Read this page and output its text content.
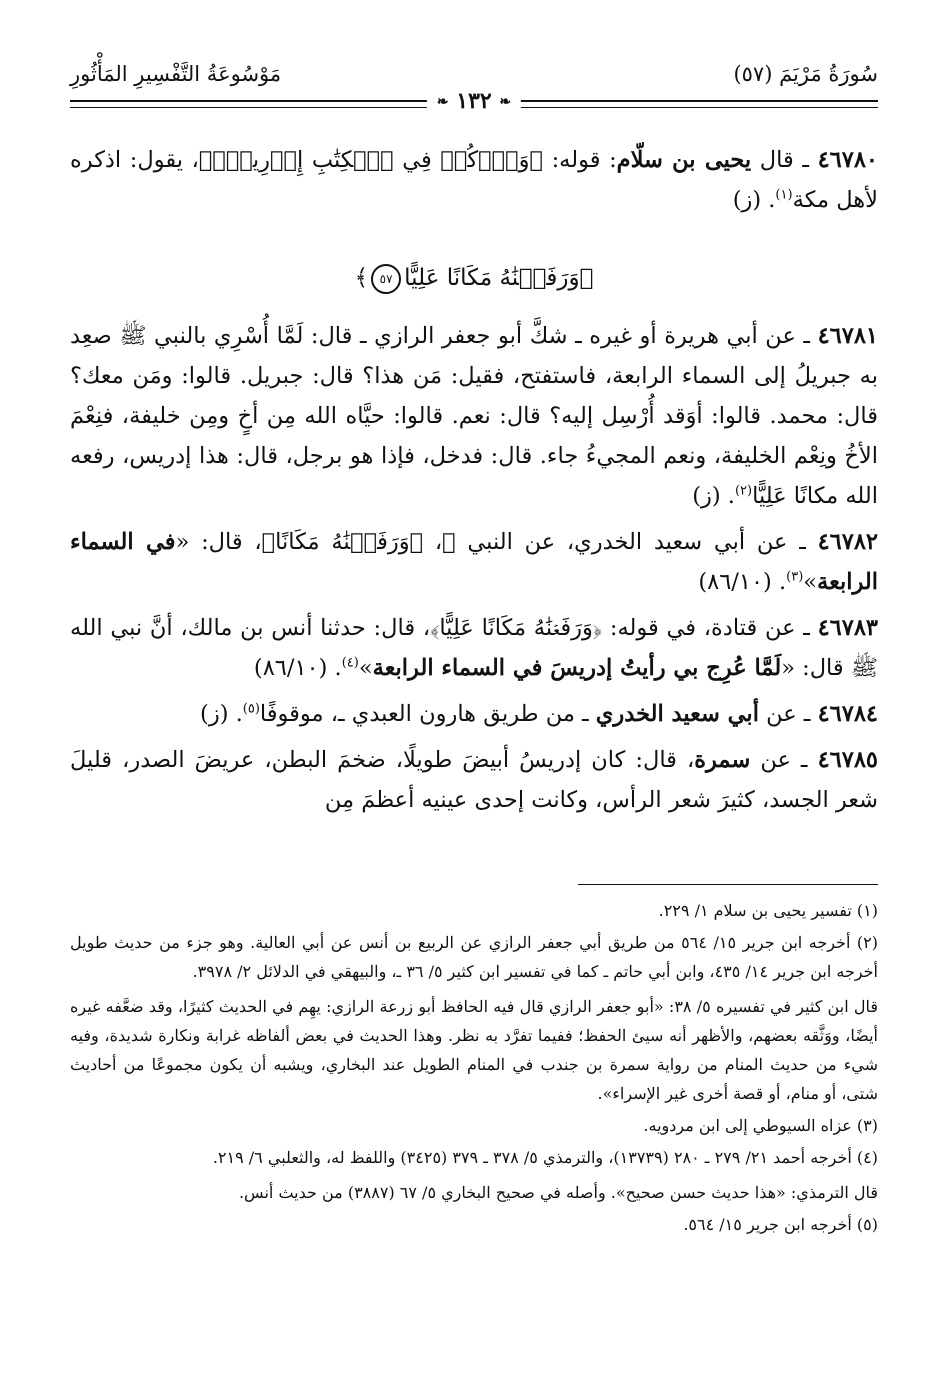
سُورَةُ مَرْيَمَ (٥٧)
مَوْسُوعَةُ التَّفْسِيرِ المَأْثُورِ
❧ ١٣٢ ❧

٤٦٧٨٠ ـ قال يحيى بن سلّام: قوله: ﴿وَٱذۡكُرۡ فِي ٱلۡكِتَٰبِ إِدۡرِيسَۚ﴾، يقول: اذكره لأهل مكة$^{(١)}$. (ز)

﴿وَرَفَعۡنَٰهُ مَكَانًا عَلِيًّا٥٧﴾

٤٦٧٨١ ـ عن أبي هريرة أو غيره ـ شكَّ أبو جعفر الرازي ـ قال: لَمَّا أُسْرِي بالنبي ﷺ صعِد به جبريلُ إلى السماء الرابعة، فاستفتح، فقيل: مَن هذا؟ قال: جبريل. قالوا: ومَن معك؟ قال: محمد. قالوا: أوَقد أُرْسِل إليه؟ قال: نعم. قالوا: حيَّاه الله مِن أخٍ ومِن خليفة، فنِعْمَ الأخُ ونِعْم الخليفة، ونعم المجيءُ جاء. قال: فدخل، فإذا هو برجل، قال: هذا إدريس، رفعه الله مكانًا عَلِيًّا$^{(٢)}$. (ز)

٤٦٧٨٢ ـ عن أبي سعيد الخدري، عن النبي ﷺ، ﴿وَرَفَعۡنَٰهُ مَكَانًا﴾، قال: «في السماء الرابعة»$^{(٣)}$. (٨٦/١٠)

٤٦٧٨٣ ـ عن قتادة، في قوله: ﴿وَرَفَعۡنَٰهُ مَكَانًا عَلِيًّا﴾، قال: حدثنا أنس بن مالك، أنَّ نبي الله ﷺ قال: «لَمَّا عُرِج بي رأيتُ إدريسَ في السماء الرابعة»$^{(٤)}$. (٨٦/١٠)

٤٦٧٨٤ ـ عن أبي سعيد الخدري ـ من طريق هارون العبدي ـ، موقوفًا$^{(٥)}$. (ز)

٤٦٧٨٥ ـ عن سمرة، قال: كان إدريسُ أبيضَ طويلًا، ضخمَ البطن، عريضَ الصدر، قليلَ شعر الجسد، كثيرَ شعر الرأس، وكانت إحدى عينيه أعظمَ مِن

(١) تفسير يحيى بن سلام ١/ ٢٢٩.

(٢) أخرجه ابن جرير ١٥/ ٥٦٤ من طريق أبي جعفر الرازي عن الربيع بن أنس عن أبي العالية. وهو جزء من حديث طويل أخرجه ابن جرير ١٤/ ٤٣٥، وابن أبي حاتم ـ كما في تفسير ابن كثير ٥/ ٣٦ ـ، والبيهقي في الدلائل ٢/ ٣٩٧٨.

قال ابن كثير في تفسيره ٥/ ٣٨: «أبو جعفر الرازي قال فيه الحافظ أبو زرعة الرازي: يهِم في الحديث كثيرًا، وقد ضعَّفه غيره أيضًا، ووَثَّقه بعضهم، والأظهر أنه سيئ الحفظ؛ ففيما تفرَّد به نظر. وهذا الحديث في بعض ألفاظه غرابة ونكارة شديدة، وفيه شيء من حديث المنام من رواية سمرة بن جندب في المنام الطويل عند البخاري، ويشبه أن يكون مجموعًا من أحاديث شتى، أو منام، أو قصة أخرى غير الإسراء».

(٣) عزاه السيوطي إلى ابن مردويه.

(٤) أخرجه أحمد ٢١/ ٢٧٩ ـ ٢٨٠ (١٣٧٣٩)، والترمذي ٥/ ٣٧٨ ـ ٣٧٩ (٣٤٢٥) واللفظ له، والثعلبي ٦/ ٢١٩.

قال الترمذي: «هذا حديث حسن صحيح». وأصله في صحيح البخاري ٥/ ٦٧ (٣٨٨٧) من حديث أنس.

(٥) أخرجه ابن جرير ١٥/ ٥٦٤.
